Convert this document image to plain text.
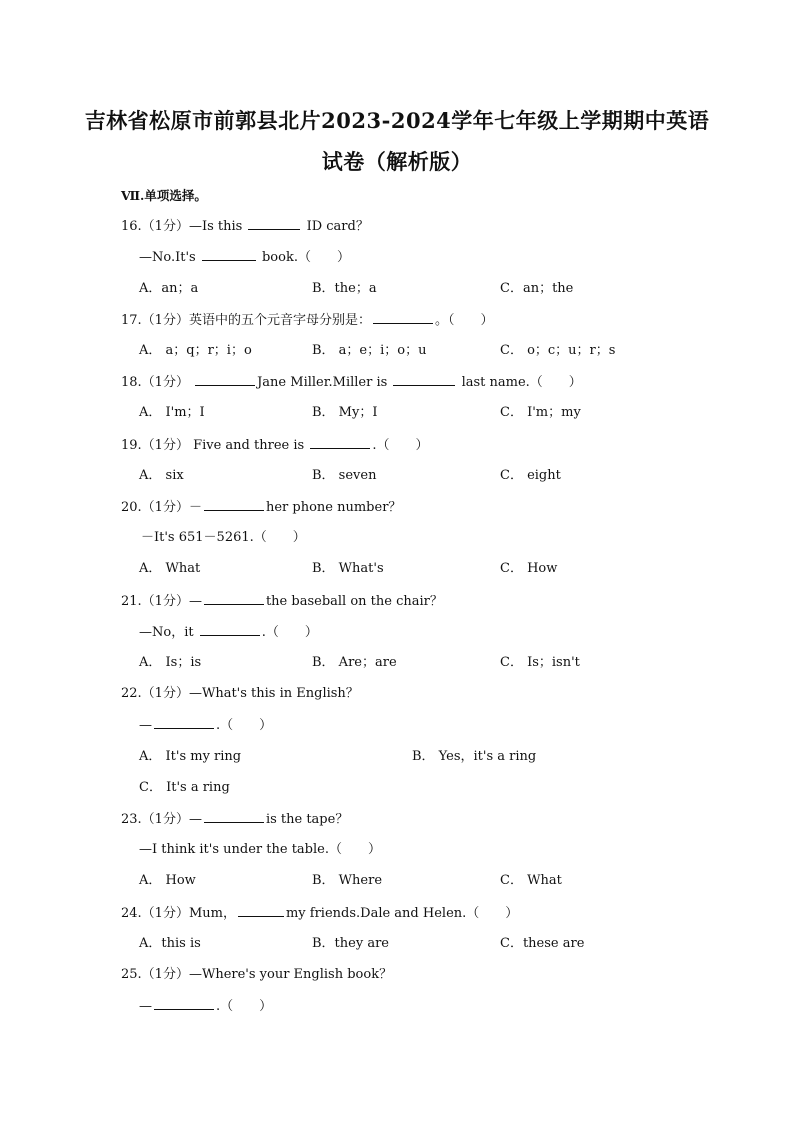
吉林省松原市前郭县北片2023-2024学年七年级上学期期中英语
试卷（解析版）
Ⅶ.单项选择。
16.（1分）—Is this	ID card？
—No.It's	book.（　　）
A．an；a	B．the；a	C．an；the
17.（1分）英语中的五个元音字母分别是：	。（　　）
A． a；q；r；i；o	B． a；e；i；o；u	C． o；c；u；r；s
18.（1分）	Jane Miller.Miller is	last name.（　　）
A． I'm；I	B． My；I	C． I'm；my
19.（1分） Five and three is	.（　　）
A． six	B． seven	C． eight
20.（1分）－	her phone number？
－It's 651－5261.（　　）
A． What	B． What's	C． How
21.（1分）—	the baseball on the chair？
—No，it	.（　　）
A． Is；is	B． Are；are	C． Is；isn't
22.（1分）—What's this in English？
—	.（　　）
A． It's my ring	B． Yes，it's a ring
C． It's a ring
23.（1分）—	is the tape？
—I think it's under the table.（　　）
A． How	B． Where	C． What
24.（1分）Mum，	my friends.Dale and Helen.（　　）
A．this is	B．they are	C．these are
25.（1分）—Where's your English book？
—	.（　　）
